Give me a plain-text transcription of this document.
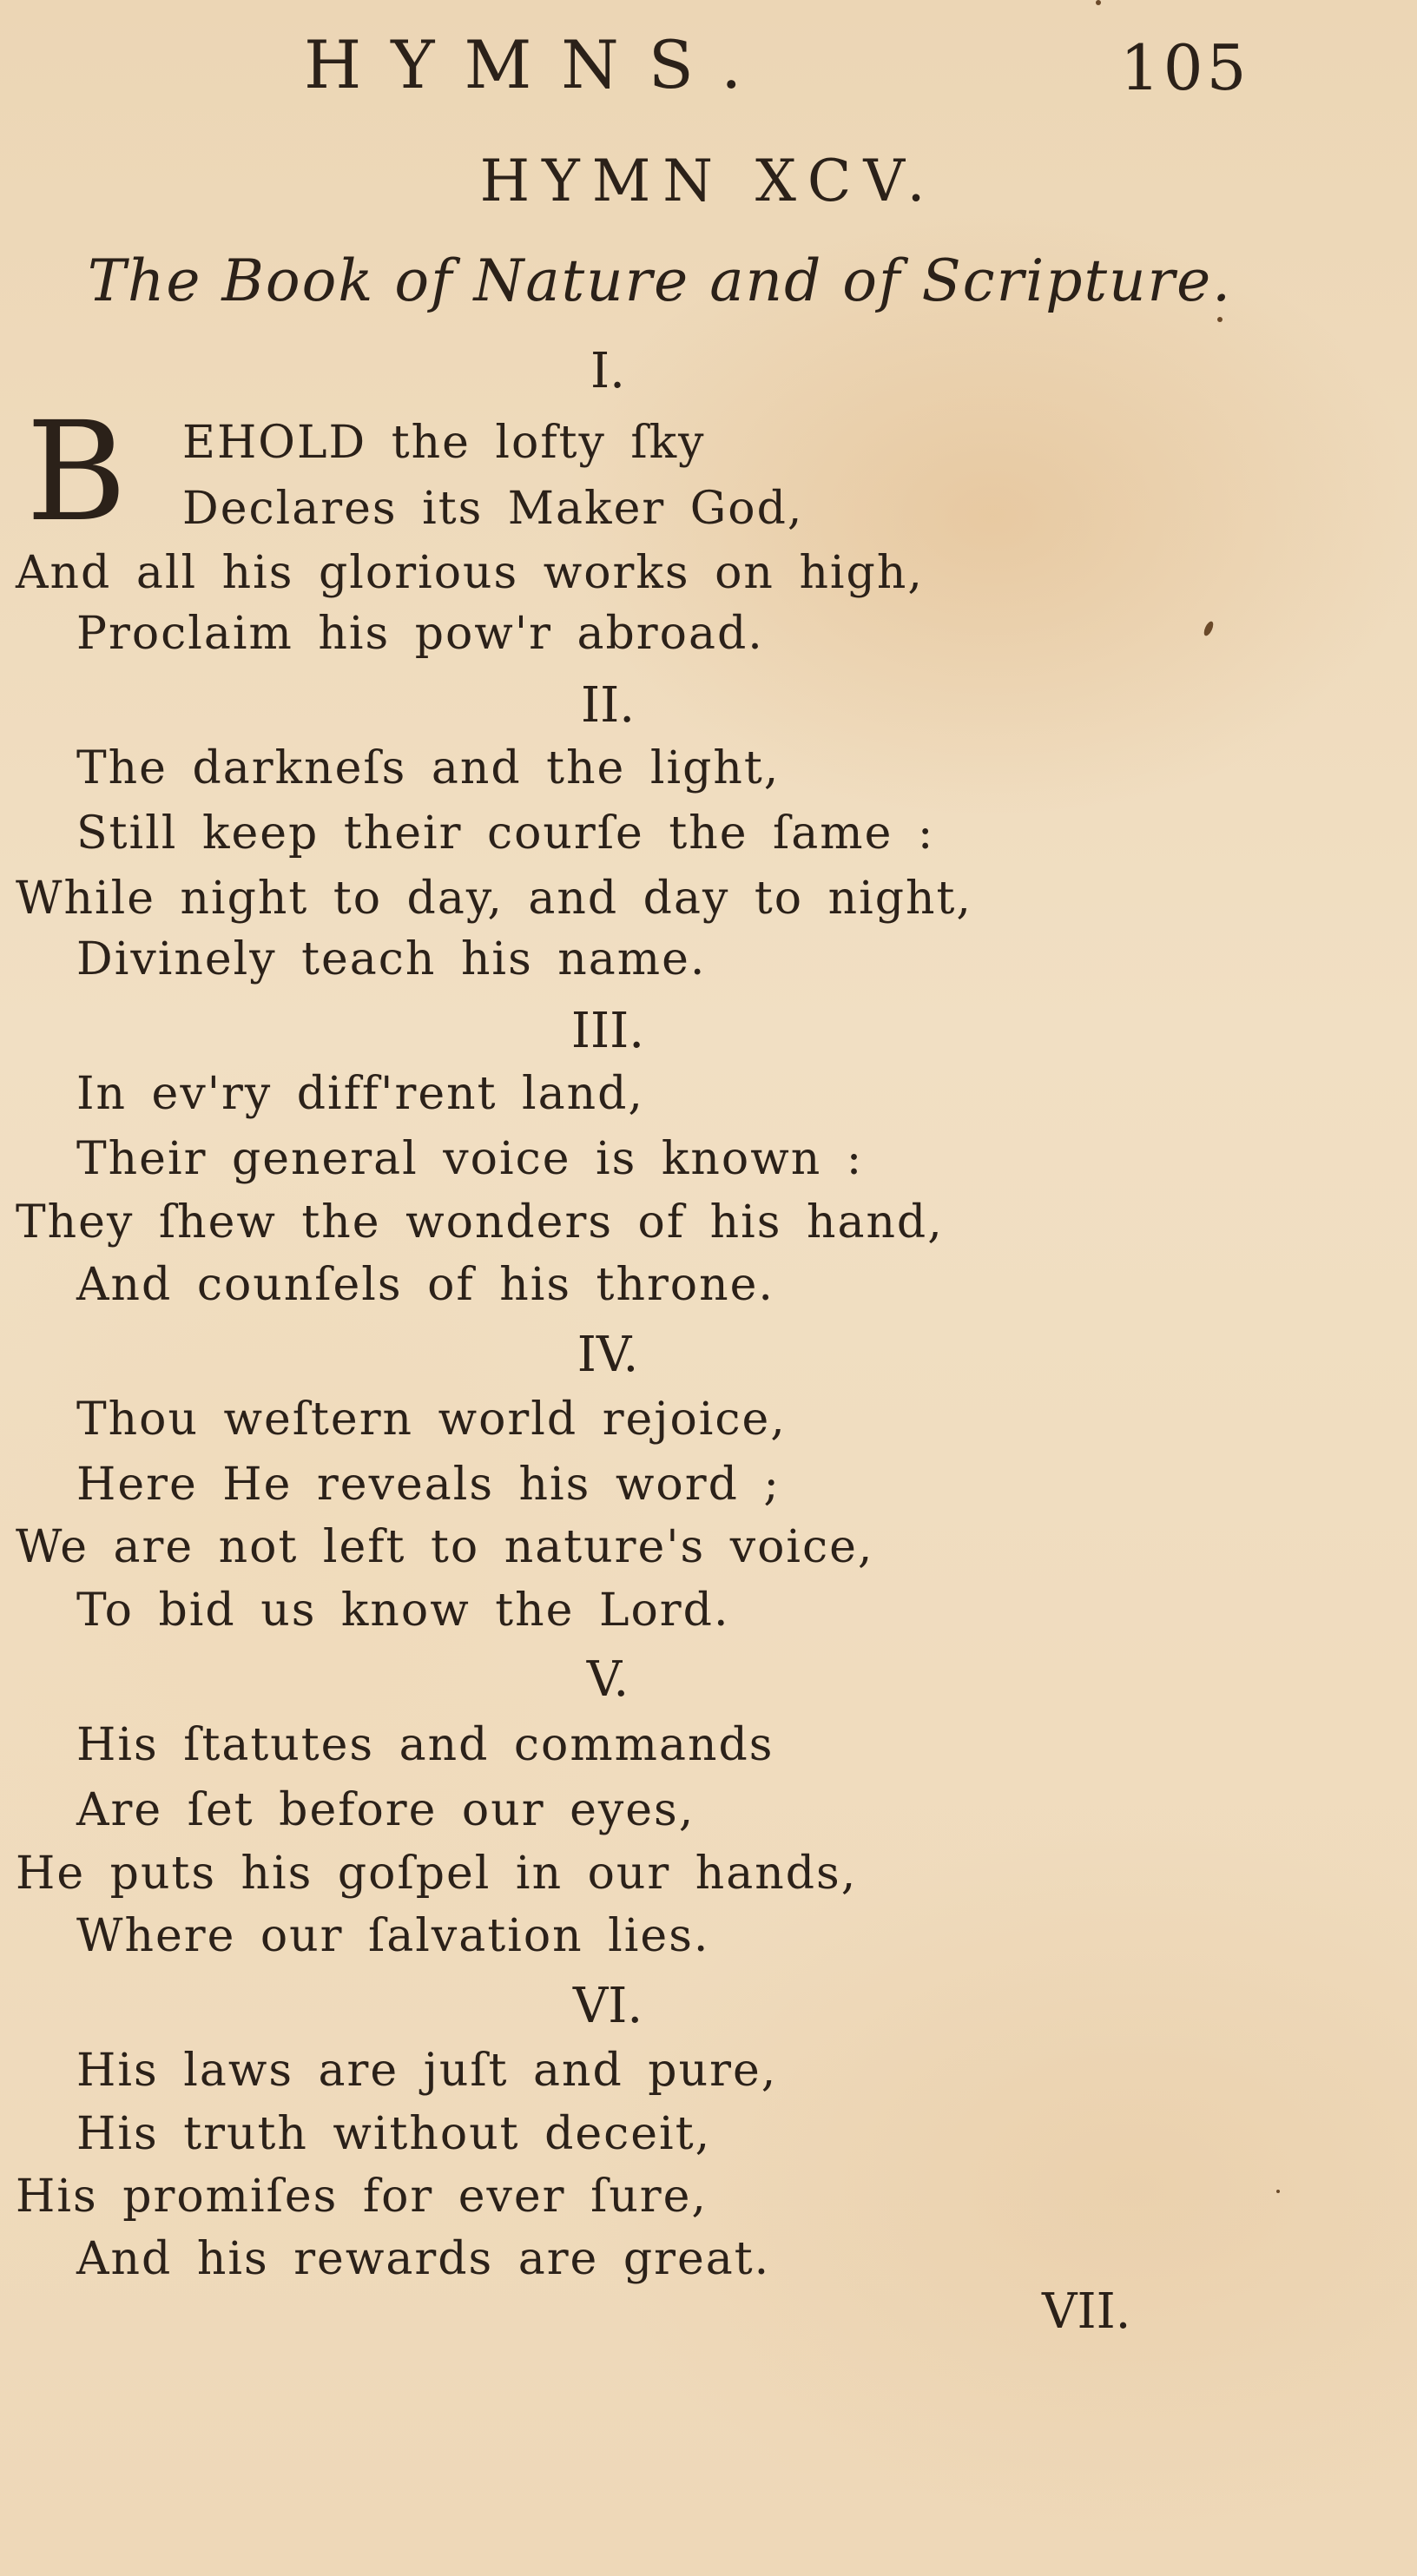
HYMNS.	105
HYMN XCV.
The Book of Nature and of Scripture.
I.
B EHOLD the lofty ſky
Declares its Maker God,
And all his glorious works on high,
Proclaim his pow'r abroad.
II.
The darkneſs and the light,
Still keep their courſe the ſame :
While night to day, and day to night,
Divinely teach his name.
III.
In ev'ry diff'rent land,
Their general voice is known :
They ſhew the wonders of his hand,
And counſels of his throne.
IV.
Thou weſtern world rejoice,
Here He reveals his word ;
We are not left to nature's voice,
To bid us know the Lord.
V.
His ſtatutes and commands
Are ſet before our eyes,
He puts his goſpel in our hands,
Where our ſalvation lies.
VI.
His laws are juſt and pure,
His truth without deceit,
His promiſes for ever ſure,
And his rewards are great.
VII.
